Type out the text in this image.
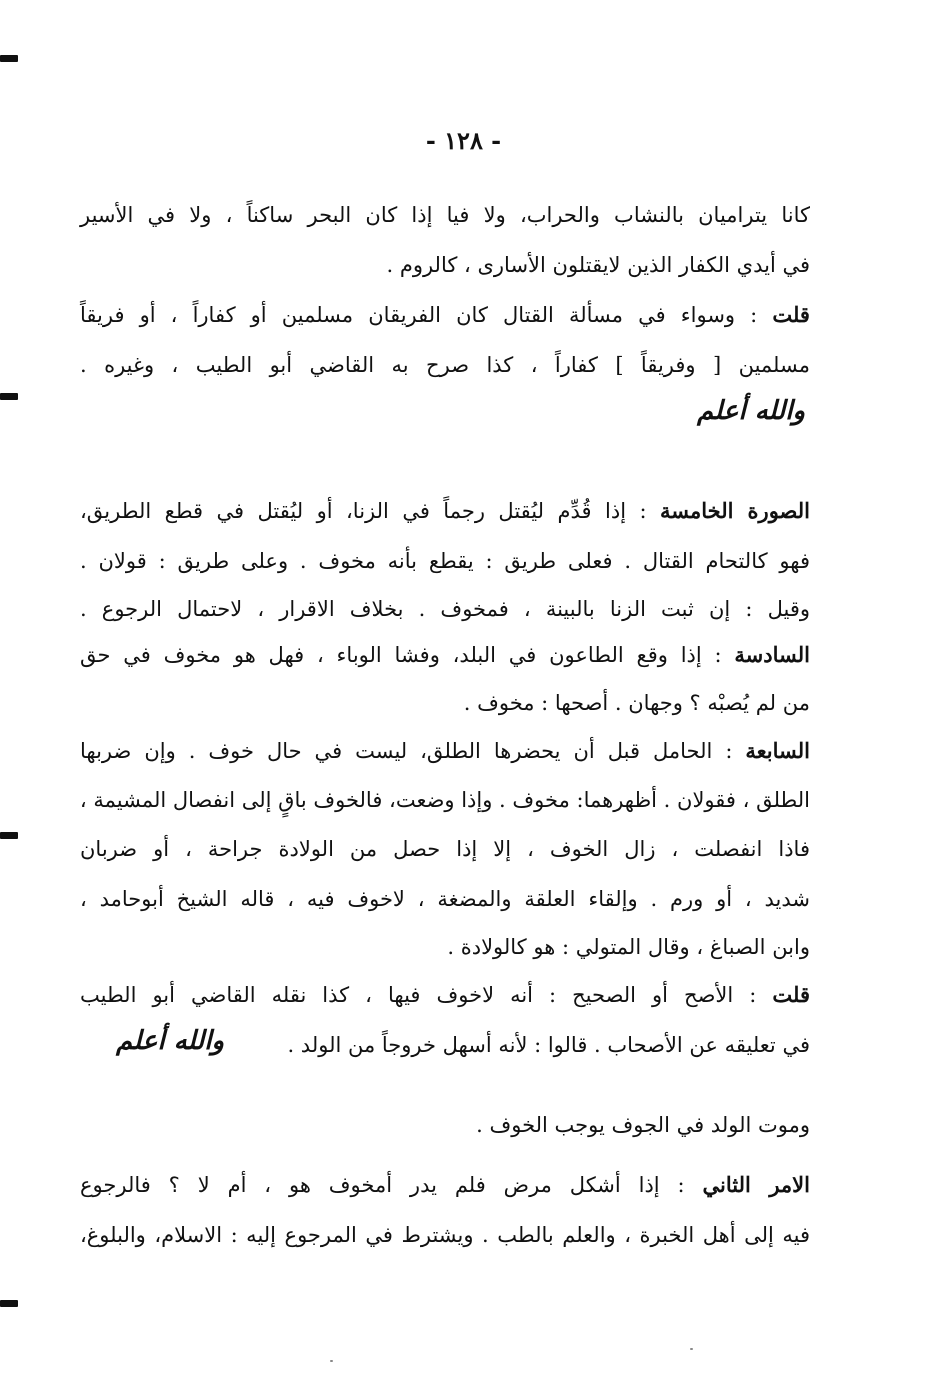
- ١٢٨ -
كانا يتراميان بالنشاب والحراب، ولا فيا إذا كان البحر ساكناً ، ولا في الأسير
في أيدي الكفار الذين لايقتلون الأسارى ، كالروم .
قلت : وسواء في مسألة القتال كان الفريقان مسلمين أو كفاراً ، أو فريقاً
مسلمين [ وفريقاً ] كفاراً ، كذا صرح به القاضي أبو الطيب ، وغيره .
والله أعلم
الصورة الخامسة : إذا قُدِّم ليُقتل رجماً في الزنا، أو ليُقتل في قطع الطريق،
فهو كالتحام القتال . فعلى طريق : يقطع بأنه مخوف . وعلى طريق : قولان .
وقيل : إن ثبت الزنا بالبينة ، فمخوف . بخلاف الاقرار ، لاحتمال الرجوع .
السادسة : إذا وقع الطاعون في البلد، وفشا الوباء ، فهل هو مخوف في حق
من لم يُصبْه ؟ وجهان . أصحها : مخوف .
السابعة : الحامل قبل أن يحضرها الطلق، ليست في حال خوف . وإن ضربها
الطلق ، فقولان . أظهرهما: مخوف . وإذا وضعت، فالخوف باقٍ إلى انفصال المشيمة ،
فاذا انفصلت ، زال الخوف ، إلا إذا حصل من الولادة جراحة ، أو ضربان
شديد ، أو ورم . وإلقاء العلقة والمضغة ، لاخوف فيه ، قاله الشيخ أبوحامد ،
وابن الصباغ ، وقال المتولي : هو كالولادة .
قلت : الأصح أو الصحيح : أنه لاخوف فيها ، كذا نقله القاضي أبو الطيب
في تعليقه عن الأصحاب . قالوا : لأنه أسهل خروجاً من الولد .
والله أعلم
وموت الولد في الجوف يوجب الخوف .
الامر الثاني : إذا أشكل مرض فلم يدر أمخوف هو ، أم لا ؟ فالرجوع
فيه إلى أهل الخبرة ، والعلم بالطب . ويشترط في المرجوع إليه : الاسلام، والبلوغ،
